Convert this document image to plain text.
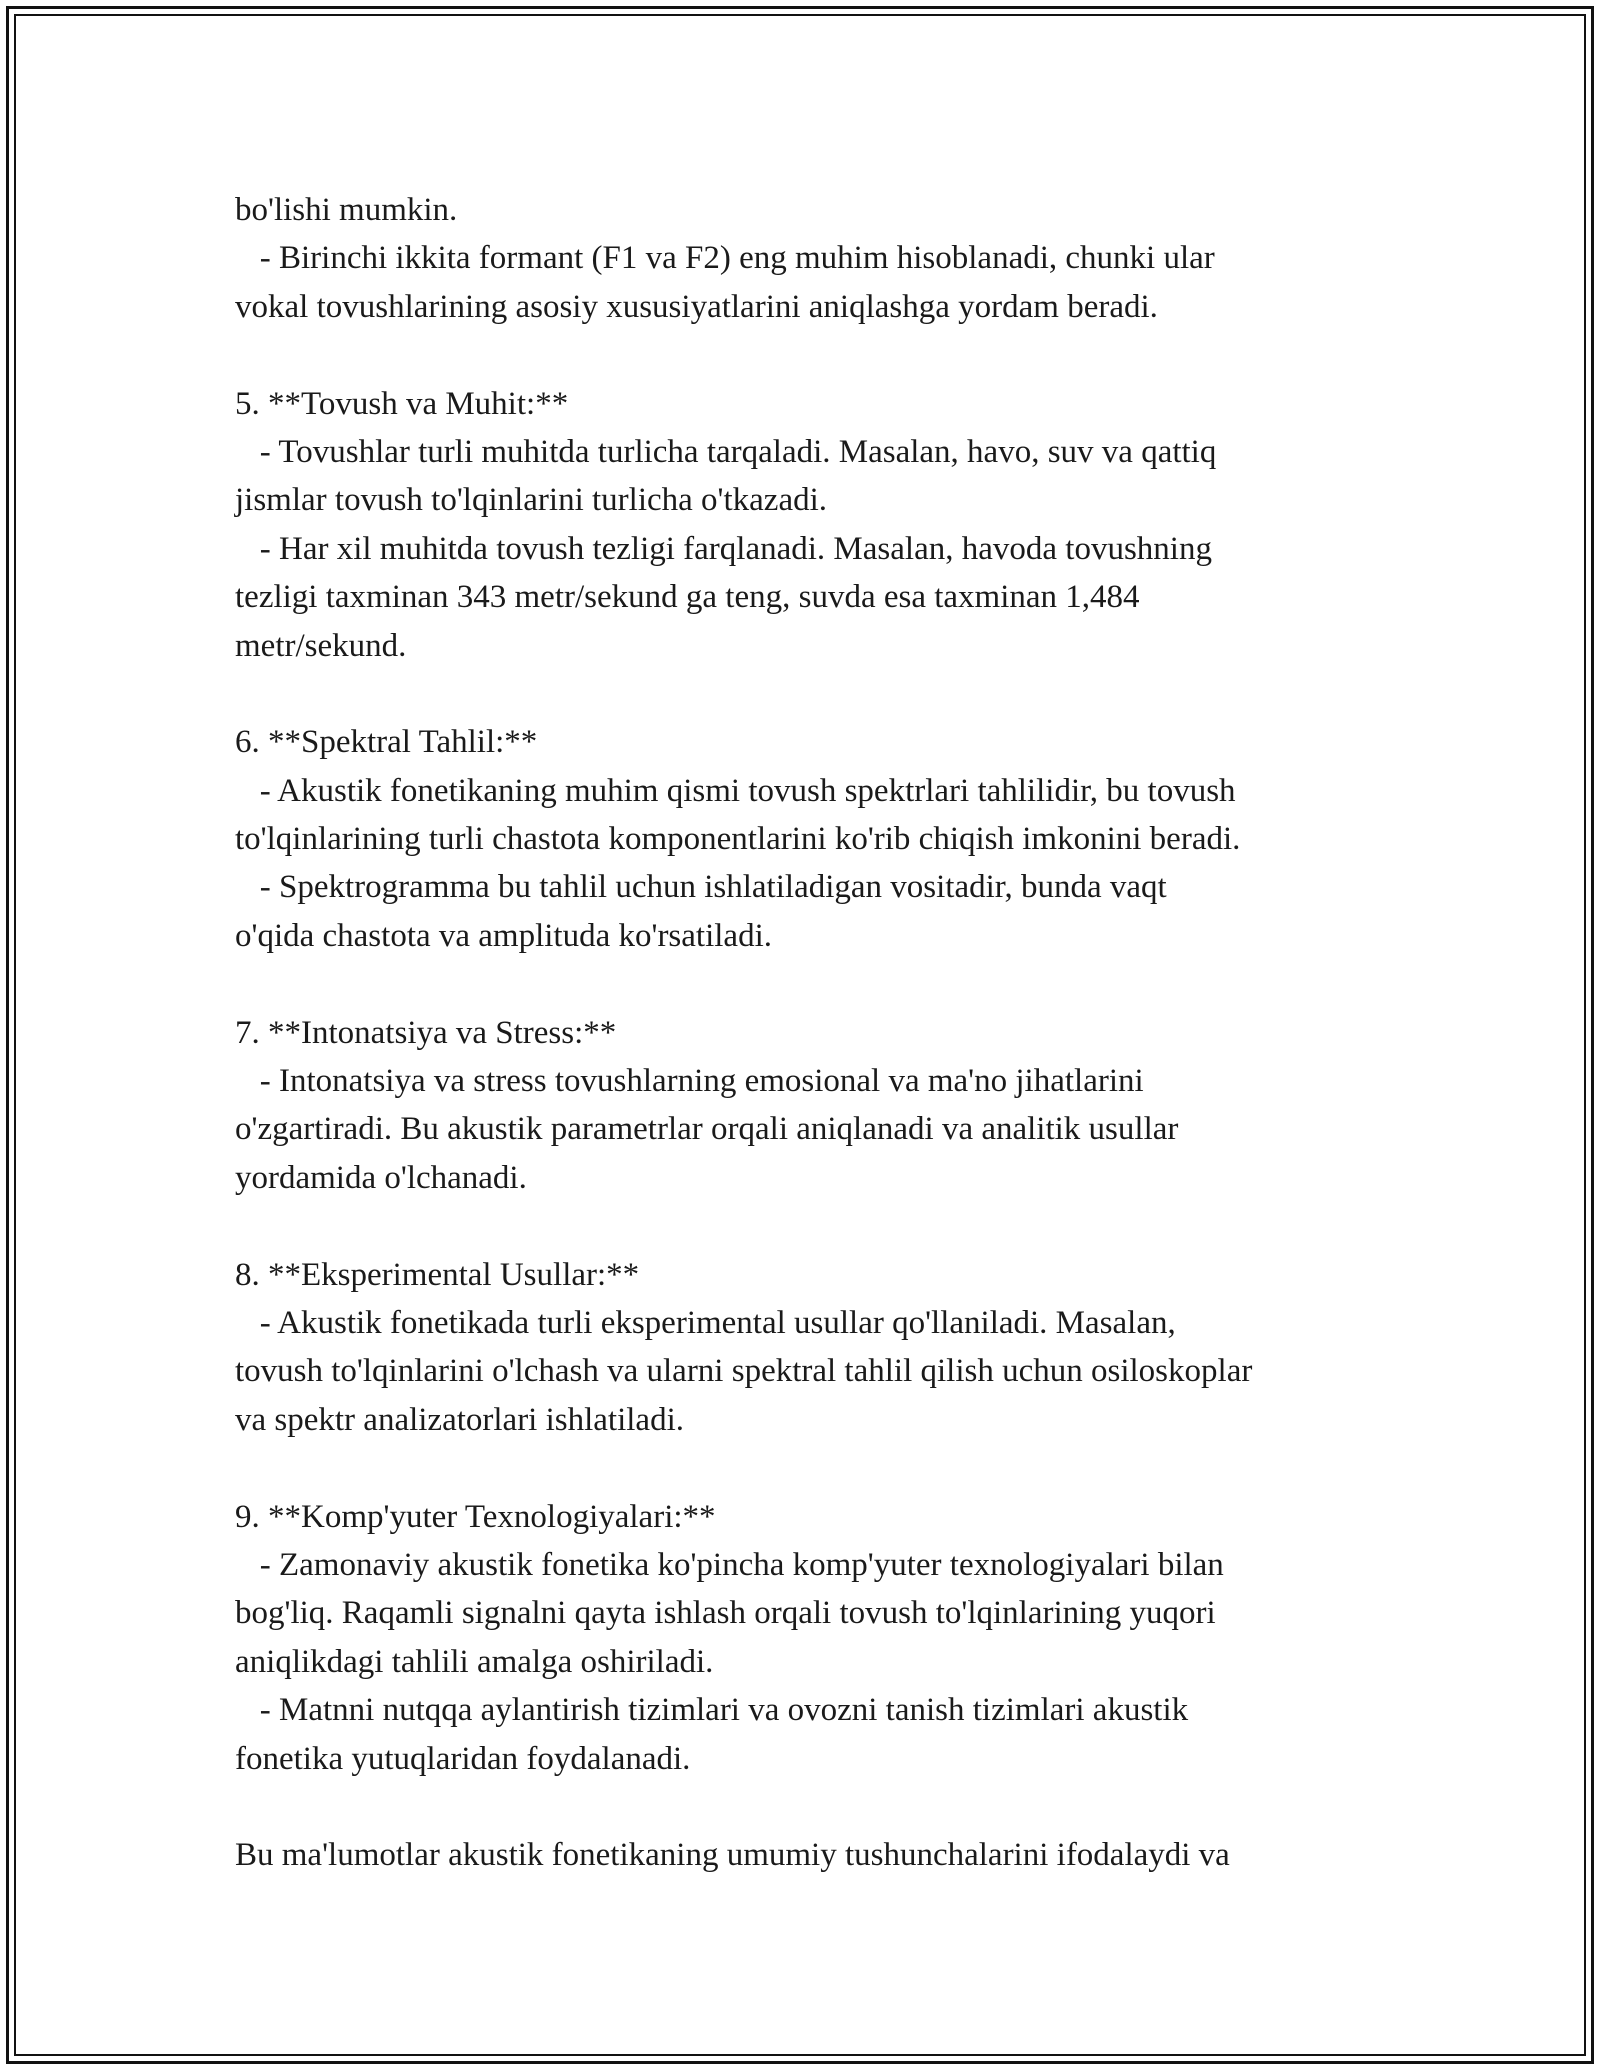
bo'lishi mumkin.
- Birinchi ikkita formant (F1 va F2) eng muhim hisoblanadi, chunki ular
vokal tovushlarining asosiy xususiyatlarini aniqlashga yordam beradi.
5. **Tovush va Muhit:**
- Tovushlar turli muhitda turlicha tarqaladi. Masalan, havo, suv va qattiq
jismlar tovush to'lqinlarini turlicha o'tkazadi.
- Har xil muhitda tovush tezligi farqlanadi. Masalan, havoda tovushning
tezligi taxminan 343 metr/sekund ga teng, suvda esa taxminan 1,484
metr/sekund.
6. **Spektral Tahlil:**
- Akustik fonetikaning muhim qismi tovush spektrlari tahlilidir, bu tovush
to'lqinlarining turli chastota komponentlarini ko'rib chiqish imkonini beradi.
- Spektrogramma bu tahlil uchun ishlatiladigan vositadir, bunda vaqt
o'qida chastota va amplituda ko'rsatiladi.
7. **Intonatsiya va Stress:**
- Intonatsiya va stress tovushlarning emosional va ma'no jihatlarini
o'zgartiradi. Bu akustik parametrlar orqali aniqlanadi va analitik usullar
yordamida o'lchanadi.
8. **Eksperimental Usullar:**
- Akustik fonetikada turli eksperimental usullar qo'llaniladi. Masalan,
tovush to'lqinlarini o'lchash va ularni spektral tahlil qilish uchun osiloskoplar
va spektr analizatorlari ishlatiladi.
9. **Komp'yuter Texnologiyalari:**
- Zamonaviy akustik fonetika ko'pincha komp'yuter texnologiyalari bilan
bog'liq. Raqamli signalni qayta ishlash orqali tovush to'lqinlarining yuqori
aniqlikdagi tahlili amalga oshiriladi.
- Matnni nutqqa aylantirish tizimlari va ovozni tanish tizimlari akustik
fonetika yutuqlaridan foydalanadi.
Bu ma'lumotlar akustik fonetikaning umumiy tushunchalarini ifodalaydi va
